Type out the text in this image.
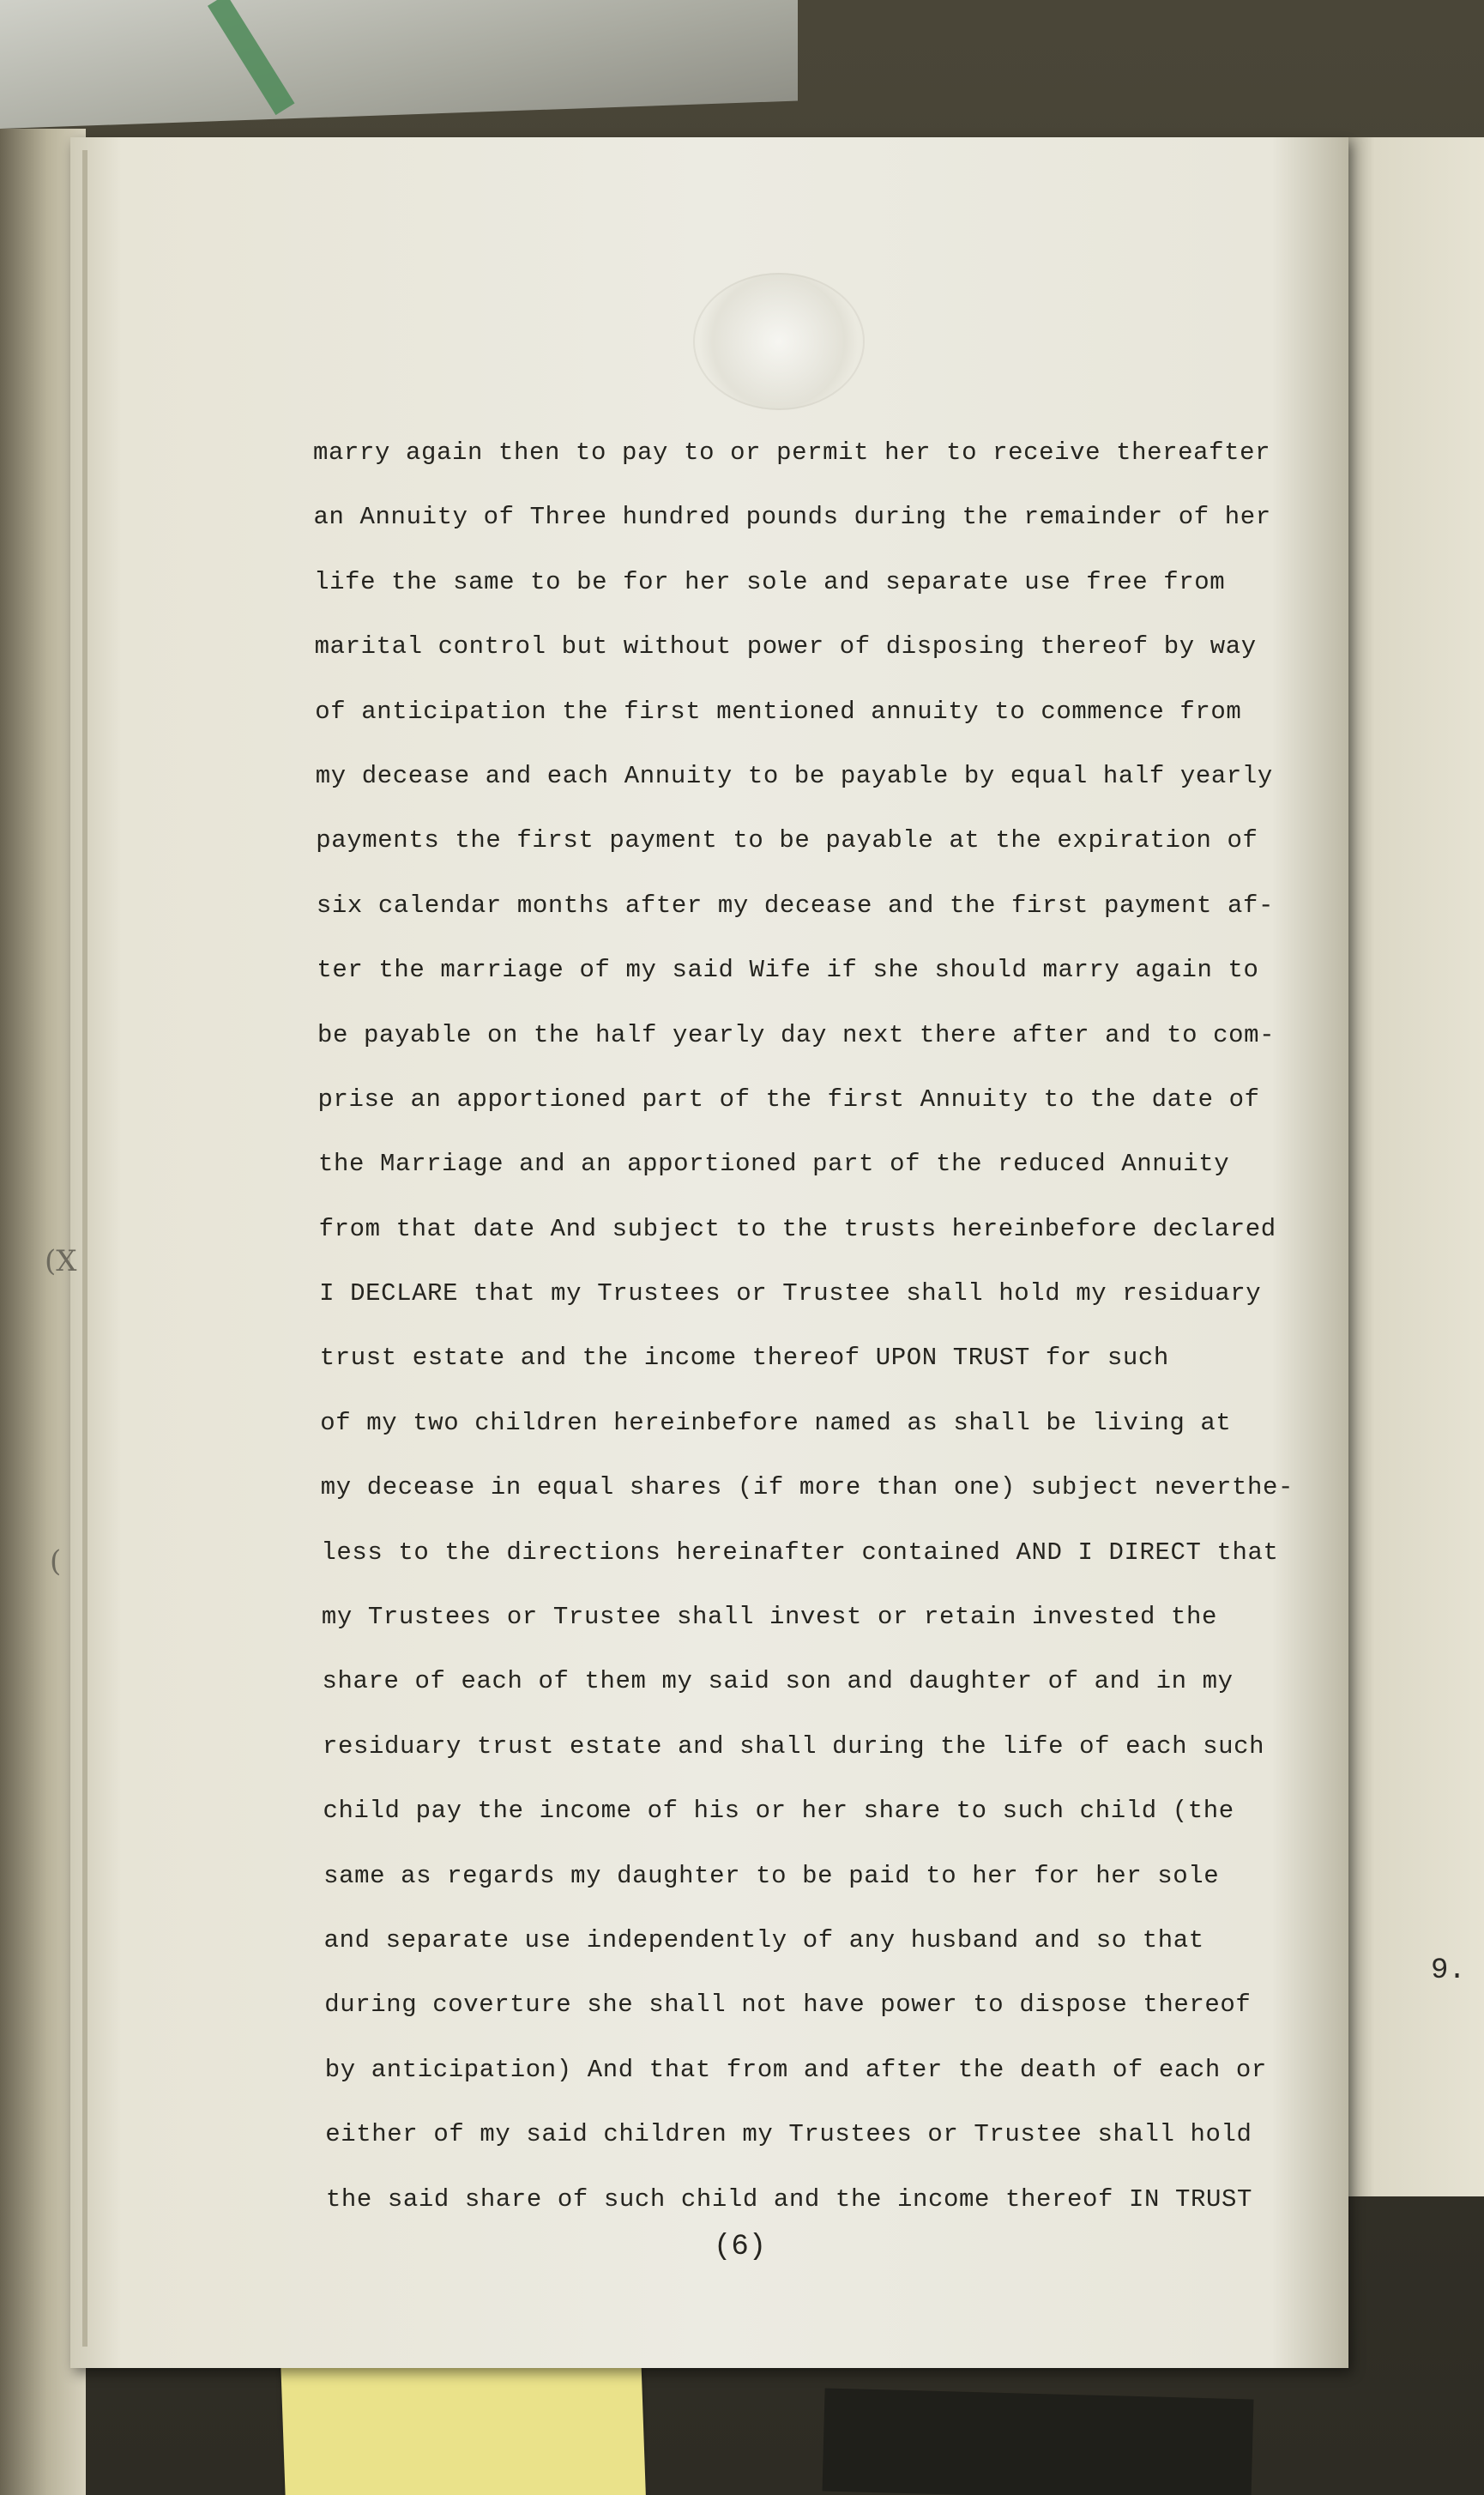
9.
(X
(
marry again then to pay to or permit her to receive thereafter
an Annuity of Three hundred pounds during the remainder of her
life the same to be for her sole and separate use free from
marital control but without power of disposing thereof by way
of anticipation the first mentioned annuity to commence from
my decease and each Annuity to be payable by equal half yearly
payments the first payment to be payable at the expiration of
six calendar months after my decease and the first payment af-
ter the marriage of my said Wife if she should marry again to
be payable on the half yearly day next there after and to com-
prise an apportioned part of the first Annuity to the date of
the Marriage and an apportioned part of the reduced Annuity
from that date And subject to the trusts hereinbefore declared
I DECLARE that my Trustees or Trustee shall hold my residuary
trust estate and the income thereof UPON TRUST for such
of my two children hereinbefore named as shall be living at
my decease in equal shares (if more than one) subject neverthe-
less to the directions hereinafter contained AND I DIRECT that
my Trustees or Trustee shall invest or retain invested the
share of each of them my said son and daughter of and in my
residuary trust estate and shall during the life of each such
child pay the income of his or her share to such child (the
same as regards my daughter to be paid to her for her sole
and separate use independently of any husband and so that
during coverture she shall not have power to dispose thereof
by anticipation) And that from and after the death of each or
either of my said children my Trustees or Trustee shall hold
the said share of such child and the income thereof IN TRUST
(6)
